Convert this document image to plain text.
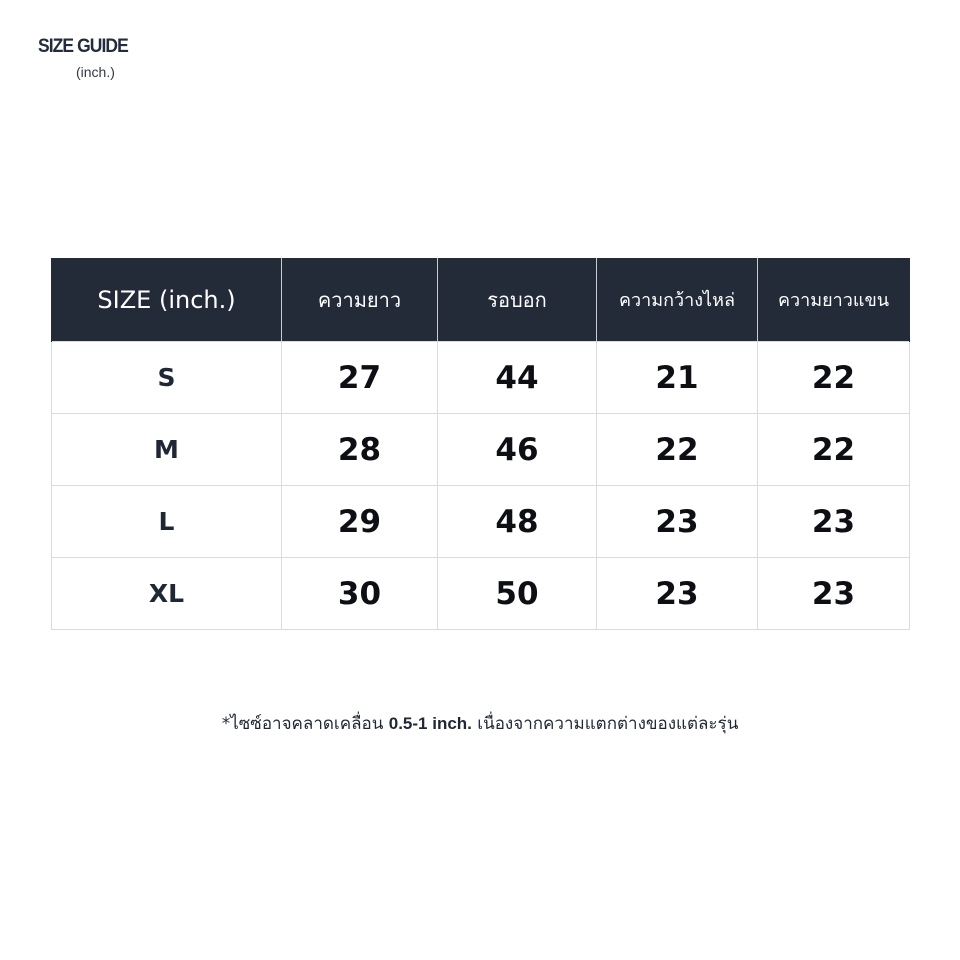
SIZE GUIDE
(inch.)
SIZE (inch.)	ความยาว	รอบอก	ความกว้างไหล่	ความยาวแขน
S	27	44	21	22
M	28	46	22	22
L	29	48	23	23
XL	30	50	23	23
*ไซซ์อาจคลาดเคลื่อน 0.5-1 inch. เนื่องจากความแตกต่างของแต่ละรุ่น
